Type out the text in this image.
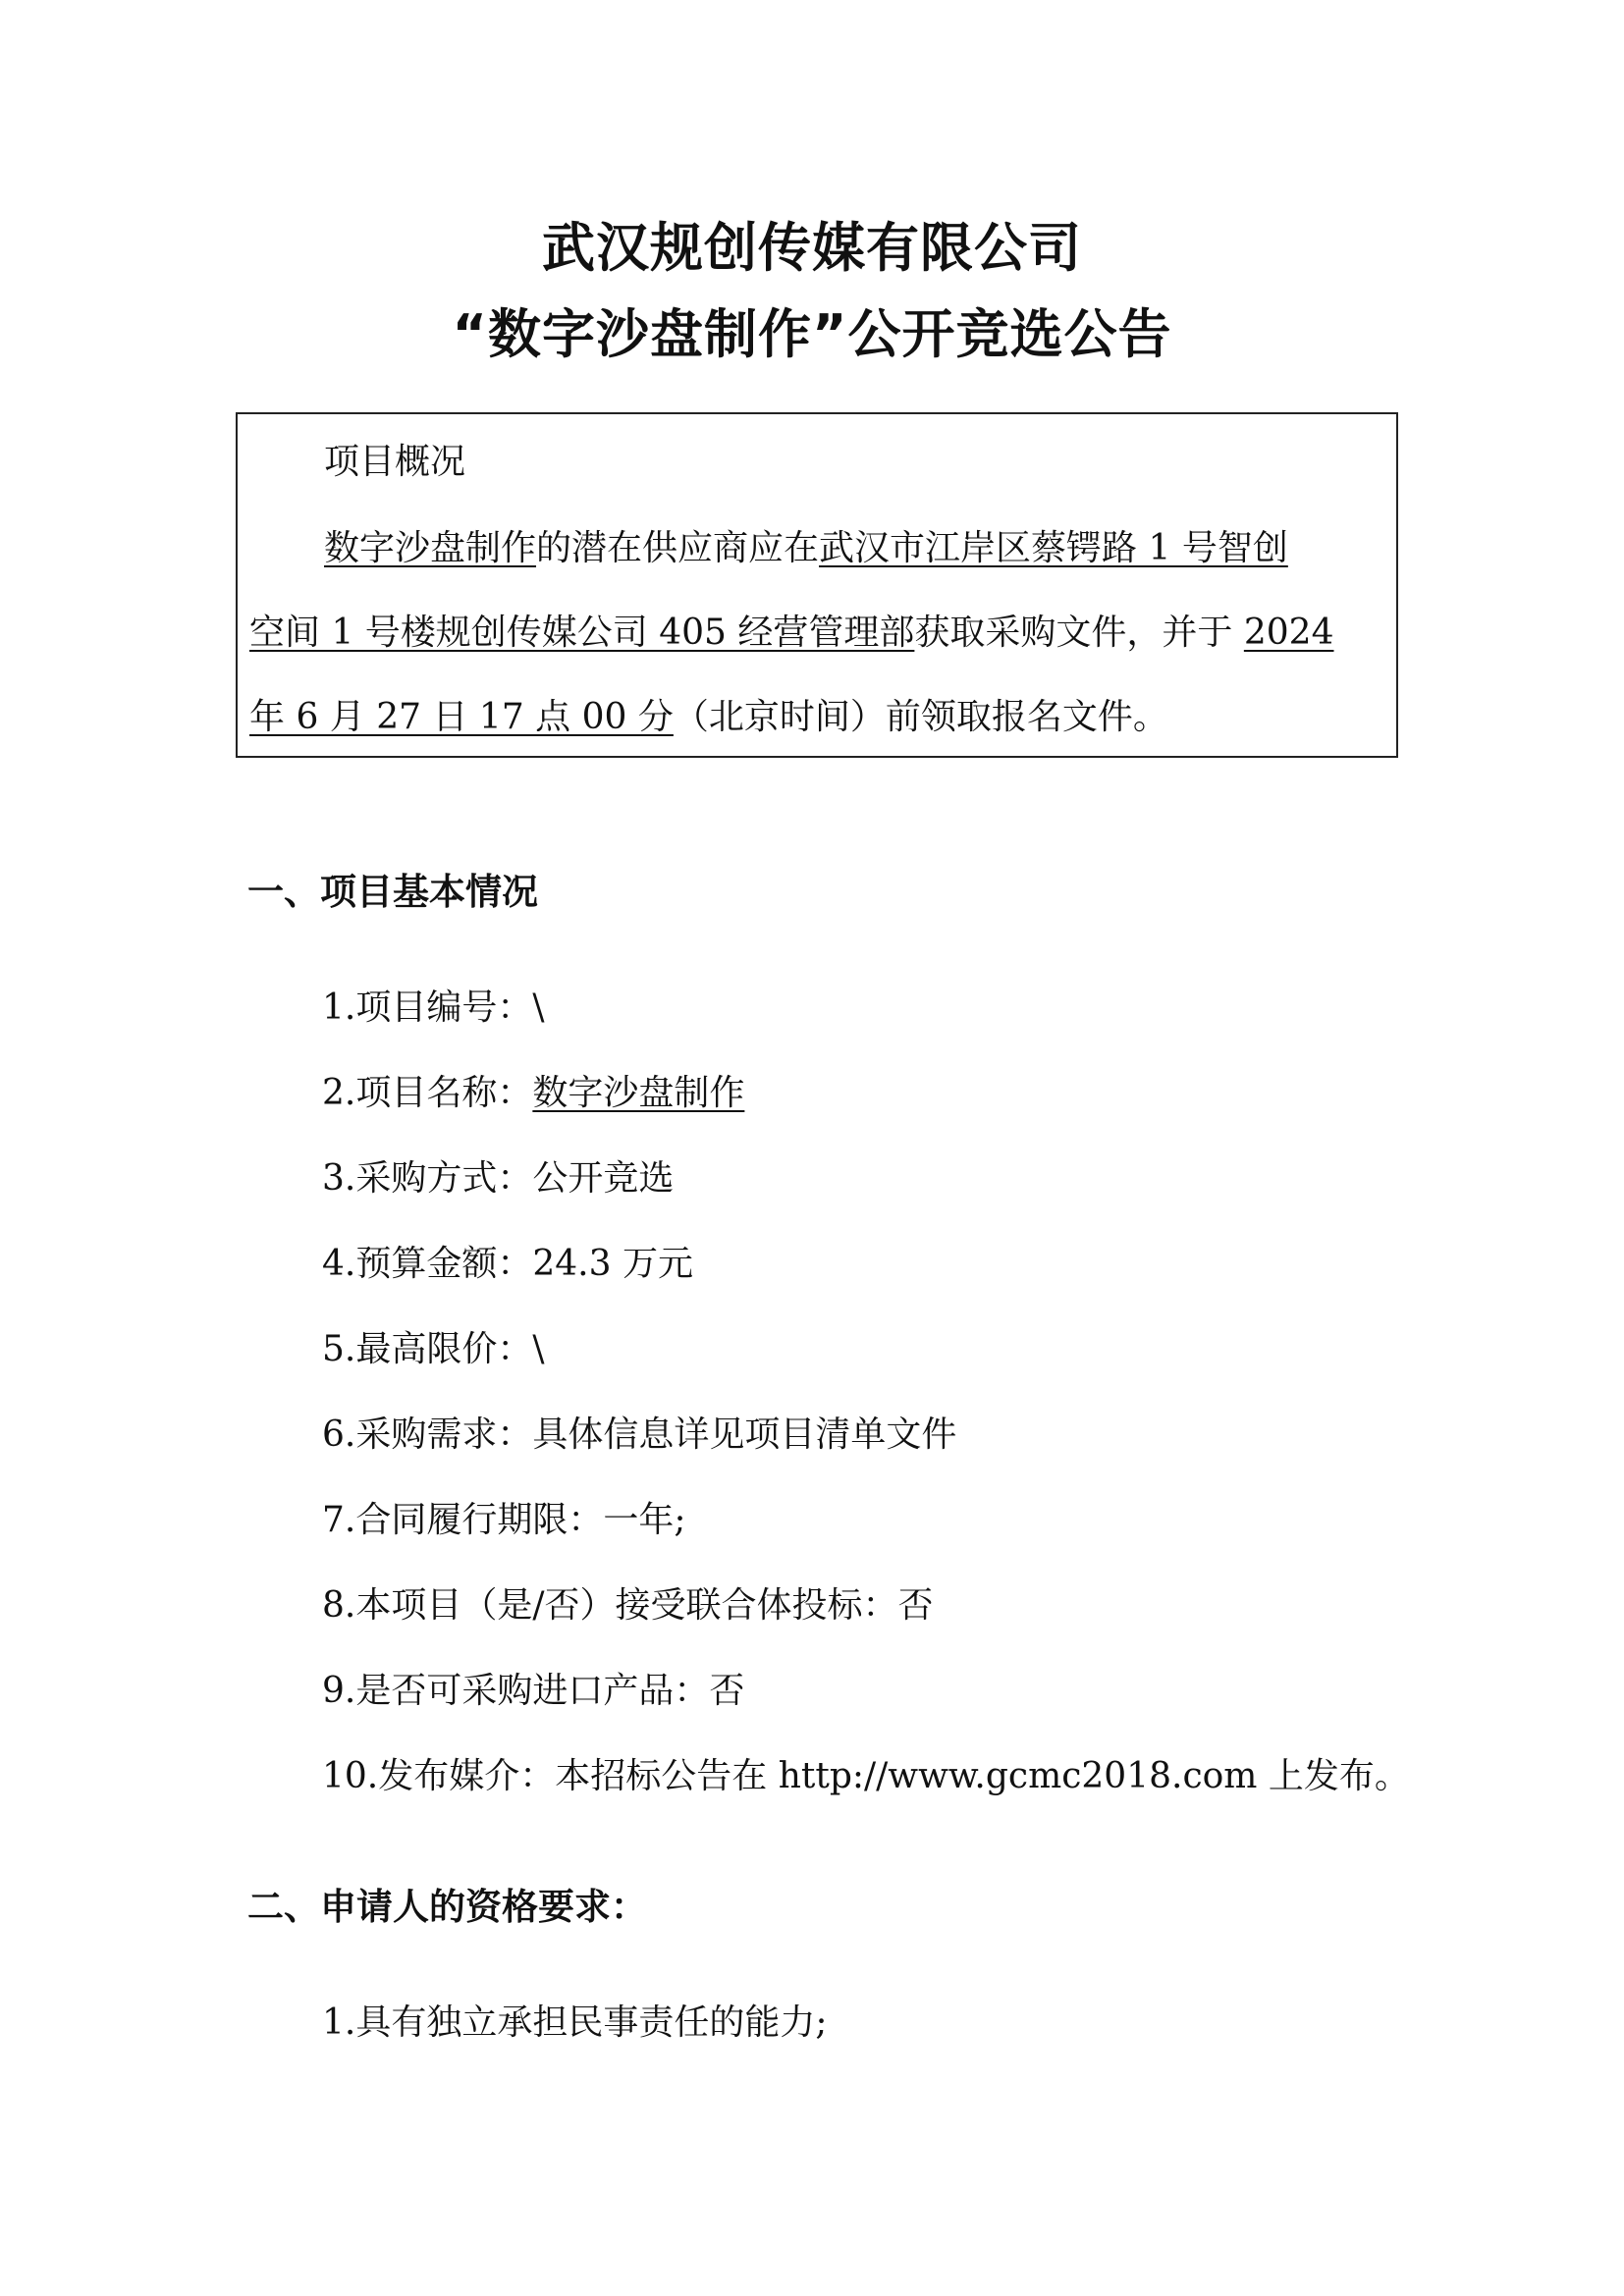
武汉规创传媒有限公司
“数字沙盘制作”公开竞选公告
项目概况
数字沙盘制作的潜在供应商应在武汉市江岸区蔡锷路 1 号智创
空间 1 号楼规创传媒公司 405 经营管理部获取采购文件，并于 2024
年 6 月 27 日 17 点 00 分（北京时间）前领取报名文件。
一、项目基本情况
1.项目编号：\
2.项目名称：数字沙盘制作
3.采购方式：公开竞选
4.预算金额：24.3 万元
5.最高限价：\
6.采购需求：具体信息详见项目清单文件
7.合同履行期限：一年;
8.本项目（是/否）接受联合体投标：否
9.是否可采购进口产品：否
10.发布媒介：本招标公告在 http://www.gcmc2018.com 上发布。
二、申请人的资格要求：
1.具有独立承担民事责任的能力;
